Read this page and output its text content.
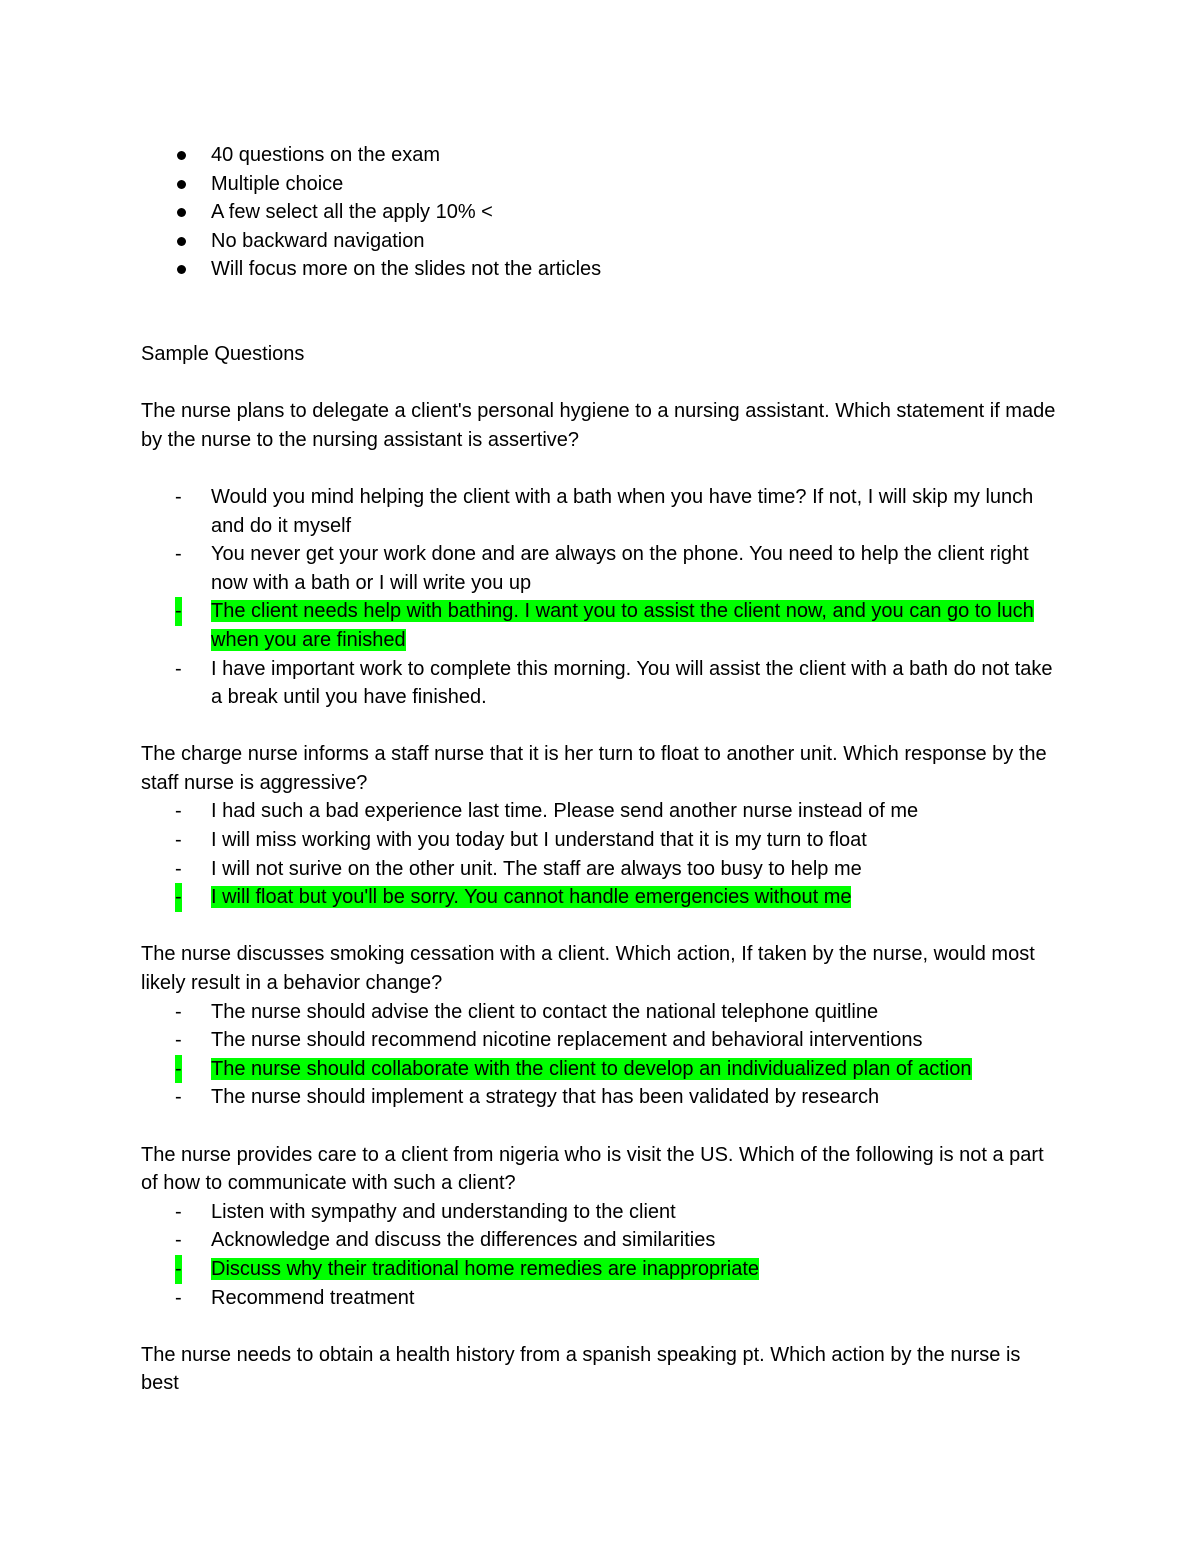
40 questions on the exam
Multiple choice
A few select all the apply 10% <
No backward navigation
Will focus more on the slides not the articles
Sample Questions

The nurse plans to delegate a client's personal hygiene to a nursing assistant. Which statement if made by the nurse to the nursing assistant is assertive?

- Would you mind helping the client with a bath when you have time? If not, I will skip my lunch and do it myself
- You never get your work done and are always on the phone. You need to help the client right now with a bath or I will write you up
- The client needs help with bathing. I want you to assist the client now, and you can go to luch when you are finished
- I have important work to complete this morning. You will assist the client with a bath do not take a break until you have finished.

The charge nurse informs a staff nurse that it is her turn to float to another unit. Which response by the staff nurse is aggressive?

- I had such a bad experience last time. Please send another nurse instead of me
- I will miss working with you today but I understand that it is my turn to float
- I will not surive on the other unit. The staff are always too busy to help me
- I will float but you'll be sorry. You cannot handle emergencies without me

The nurse discusses smoking cessation with a client. Which action, If taken by the nurse, would most likely result in a behavior change?

- The nurse should advise the client to contact the national telephone quitline
- The nurse should recommend nicotine replacement and behavioral interventions
- The nurse should collaborate with the client to develop an individualized plan of action
- The nurse should implement a strategy that has been validated by research

The nurse provides care to a client from nigeria who is visit the US. Which of the following is not a part of how to communicate with such a client?

- Listen with sympathy and understanding to the client
- Acknowledge and discuss the differences and similarities
- Discuss why their traditional home remedies are inappropriate
- Recommend treatment

The nurse needs to obtain a health history from a spanish speaking pt. Which action by the nurse is best
